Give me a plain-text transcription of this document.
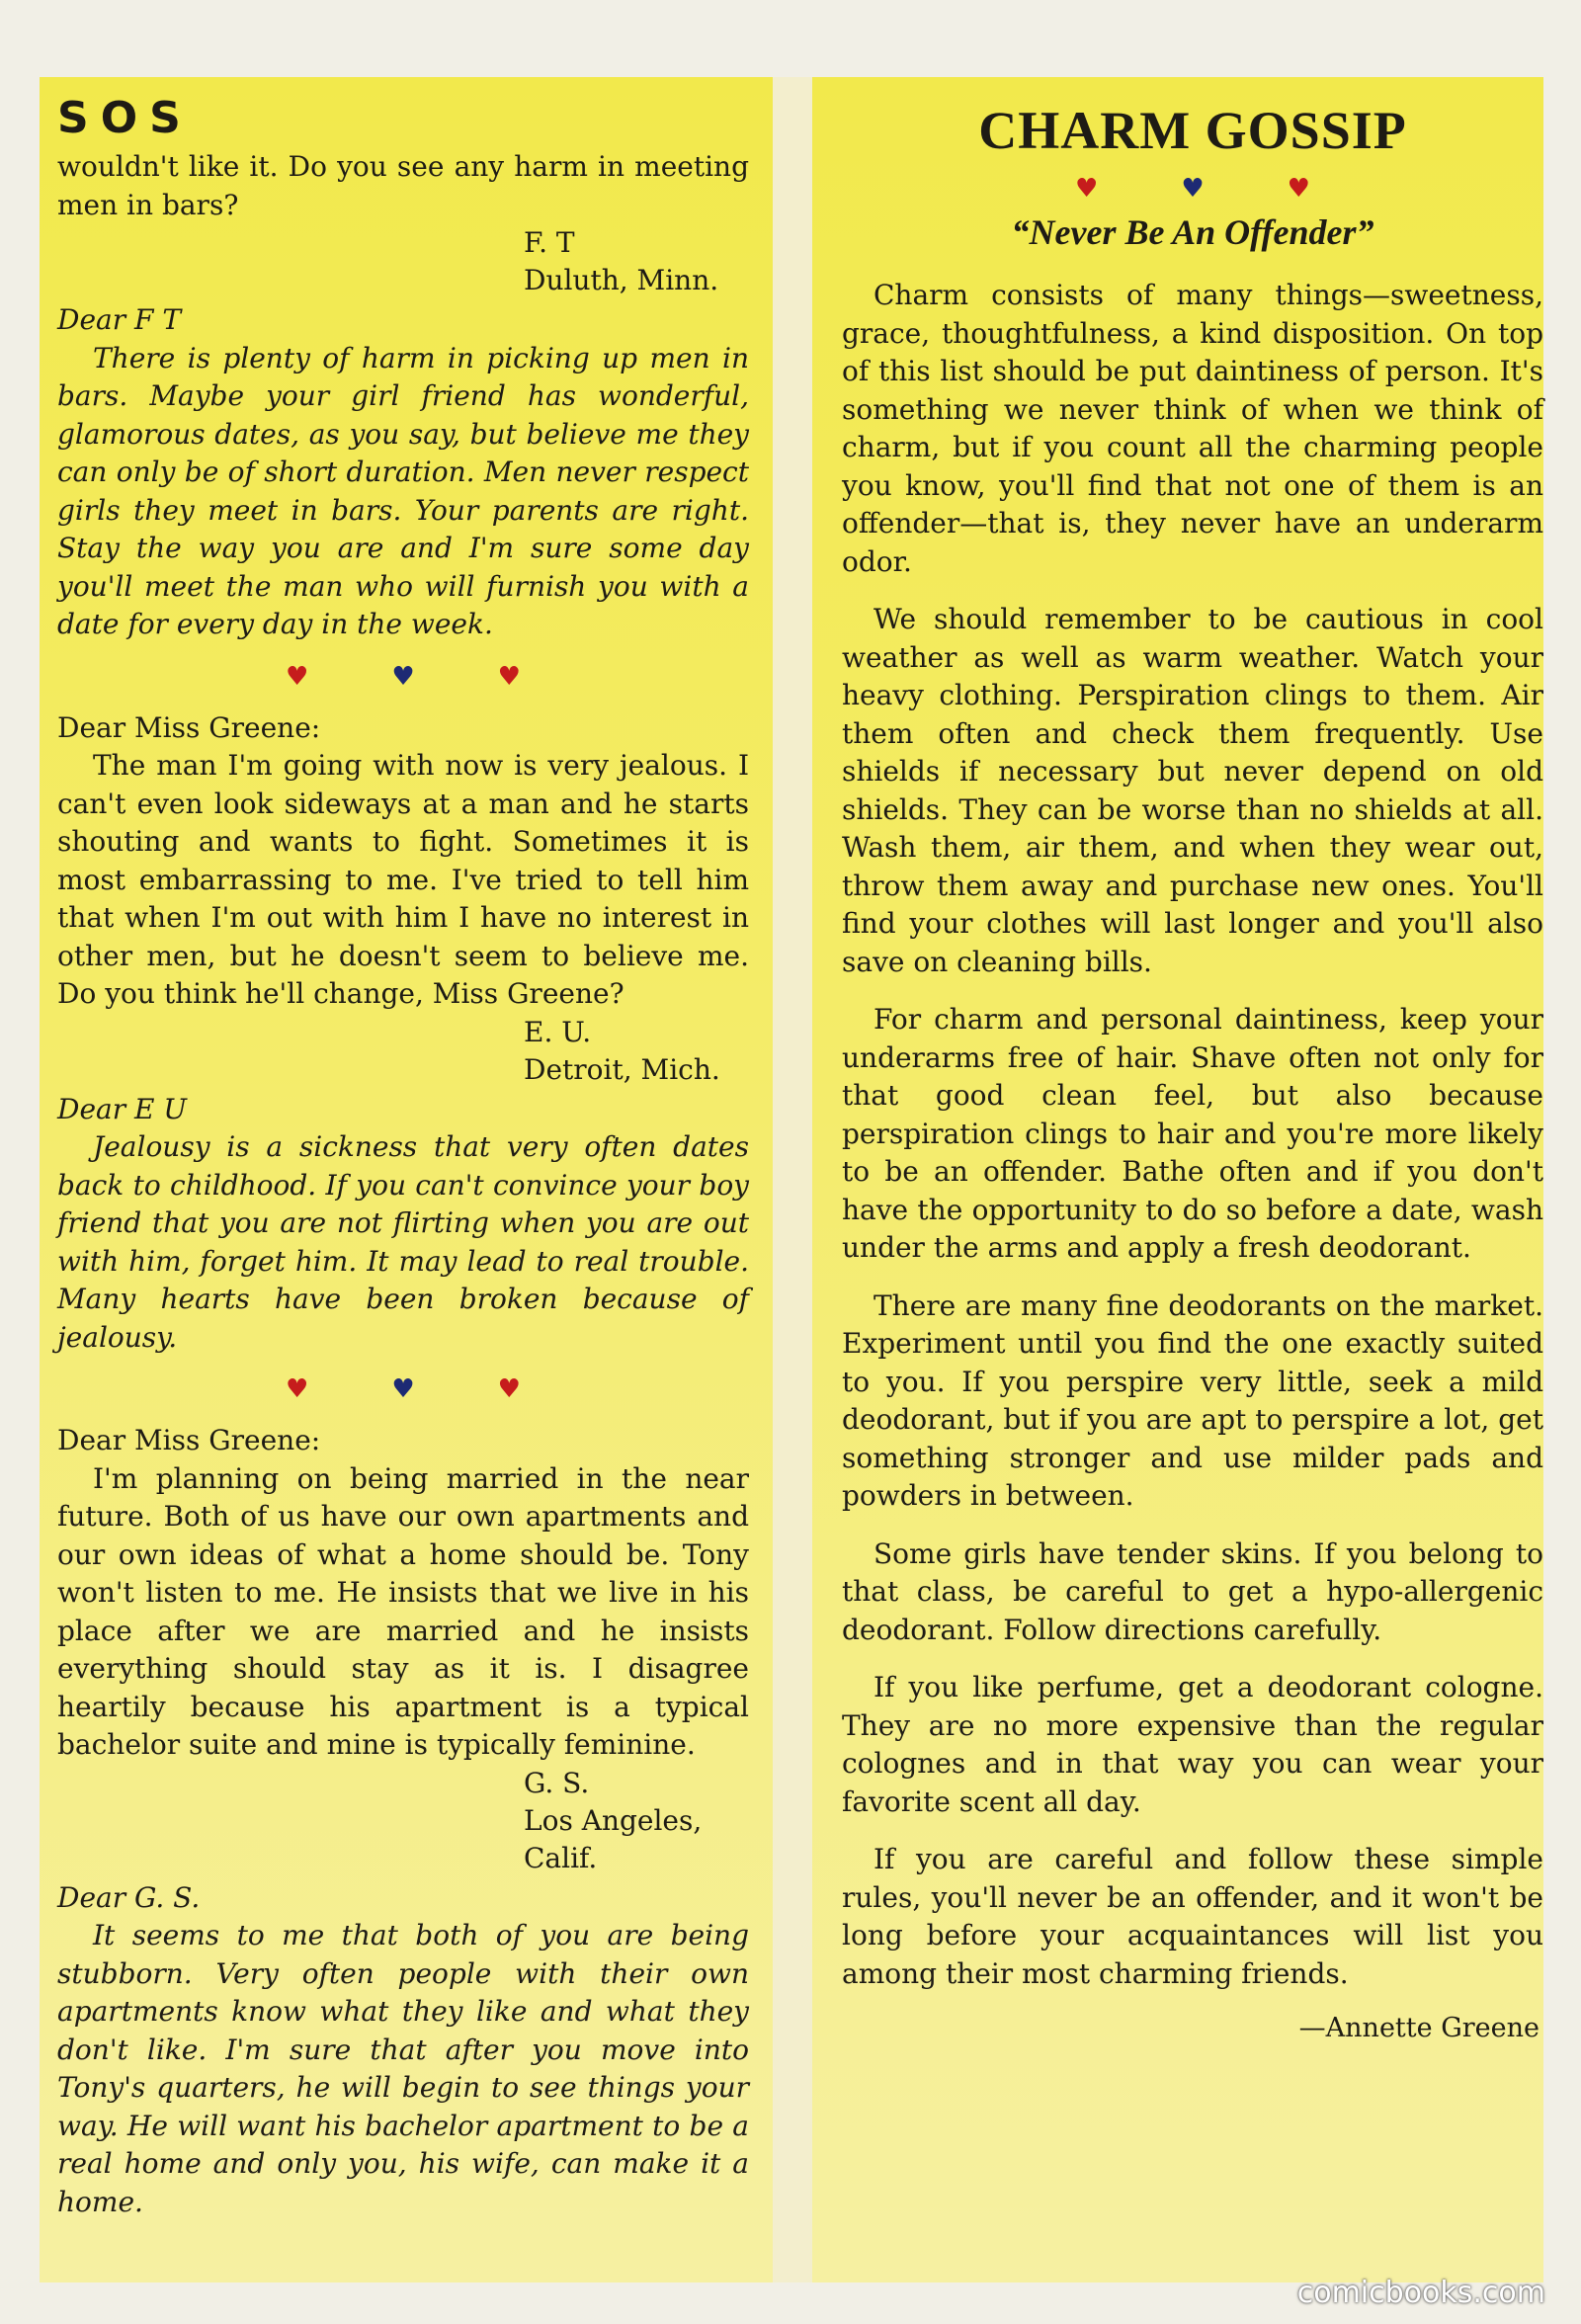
SOS

wouldn't like it. Do you see any harm in meeting men in bars?

F. T
Duluth, Minn.
Dear F T

There is plenty of harm in picking up men in bars. Maybe your girl friend has wonderful, glamorous dates, as you say, but believe me they can only be of short duration. Men never respect girls they meet in bars. Your parents are right. Stay the way you are and I'm sure some day you'll meet the man who will furnish you with a date for every day in the week.

♥	♥	♥
Dear Miss Greene:

The man I'm going with now is very jealous. I can't even look sideways at a man and he starts shouting and wants to fight. Sometimes it is most embarrassing to me. I've tried to tell him that when I'm out with him I have no interest in other men, but he doesn't seem to believe me. Do you think he'll change, Miss Greene?

E. U.
Detroit, Mich.
Dear E U

Jealousy is a sickness that very often dates back to childhood. If you can't convince your boy friend that you are not flirting when you are out with him, forget him. It may lead to real trouble. Many hearts have been broken because of jealousy.

♥	♥	♥
Dear Miss Greene:

I'm planning on being married in the near future. Both of us have our own apartments and our own ideas of what a home should be. Tony won't listen to me. He insists that we live in his place after we are married and he insists everything should stay as it is. I disagree heartily because his apartment is a typical bachelor suite and mine is typically feminine.

G. S.
Los Angeles, Calif.
Dear G. S.

It seems to me that both of you are being stubborn. Very often people with their own apartments know what they like and what they don't like. I'm sure that after you move into Tony's quarters, he will begin to see things your way. He will want his bachelor apartment to be a real home and only you, his wife, can make it a home.

CHARM GOSSIP
♥	♥	♥
“Never Be An Offender”

Charm consists of many things—sweetness, grace, thoughtfulness, a kind disposition. On top of this list should be put daintiness of person. It's something we never think of when we think of charm, but if you count all the charming people you know, you'll find that not one of them is an offender—that is, they never have an underarm odor.

We should remember to be cautious in cool weather as well as warm weather. Watch your heavy clothing. Perspiration clings to them. Air them often and check them frequently. Use shields if necessary but never depend on old shields. They can be worse than no shields at all. Wash them, air them, and when they wear out, throw them away and purchase new ones. You'll find your clothes will last longer and you'll also save on cleaning bills.

For charm and personal daintiness, keep your underarms free of hair. Shave often not only for that good clean feel, but also because perspiration clings to hair and you're more likely to be an offender. Bathe often and if you don't have the opportunity to do so before a date, wash under the arms and apply a fresh deodorant.

There are many fine deodorants on the market. Experiment until you find the one exactly suited to you. If you perspire very little, seek a mild deodorant, but if you are apt to perspire a lot, get something stronger and use milder pads and powders in between.

Some girls have tender skins. If you belong to that class, be careful to get a hypo-allergenic deodorant. Follow directions carefully.

If you like perfume, get a deodorant cologne. They are no more expensive than the regular colognes and in that way you can wear your favorite scent all day.

If you are careful and follow these simple rules, you'll never be an offender, and it won't be long before your acquaintances will list you among their most charming friends.

—Annette Greene
comicbooks.com
